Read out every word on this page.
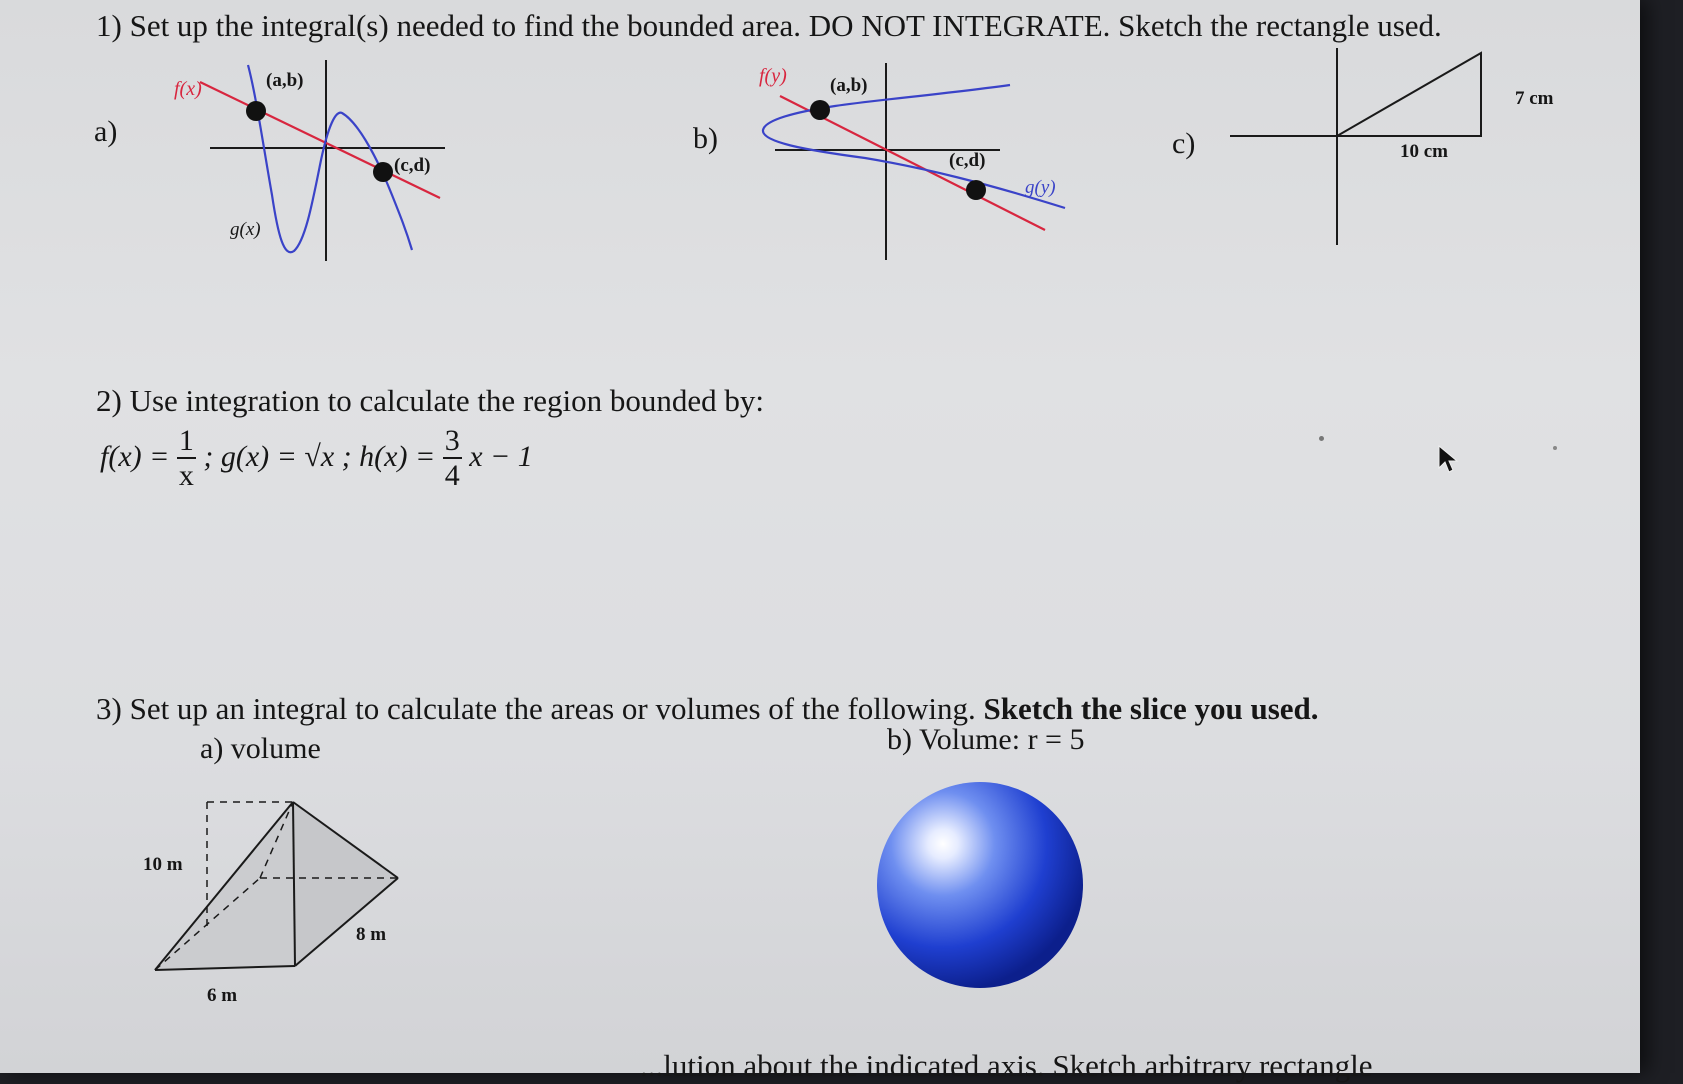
1) Set up the integral(s) needed to find the bounded area. DO NOT INTEGRATE. Sketch the rectangle used.
a)
f(x)	(a,b)
(c,d)
g(x)
b)
f(y) (a,b)
(c,d)
g(y)
c)
7 cm
10 cm
2) Use integration to calculate the region bounded by:
$f(x) = \frac{1}{x}$ ; g(x) = √x ; $h(x) = \frac{3}{4}$ x − 1
3) Set up an integral to calculate the areas or volumes of the following. Sketch the slice you used.
a) volume	b) Volume: r = 5
10 m
6 m
8 m
...lution about the indicated axis. Sketch arbitrary rectangle
